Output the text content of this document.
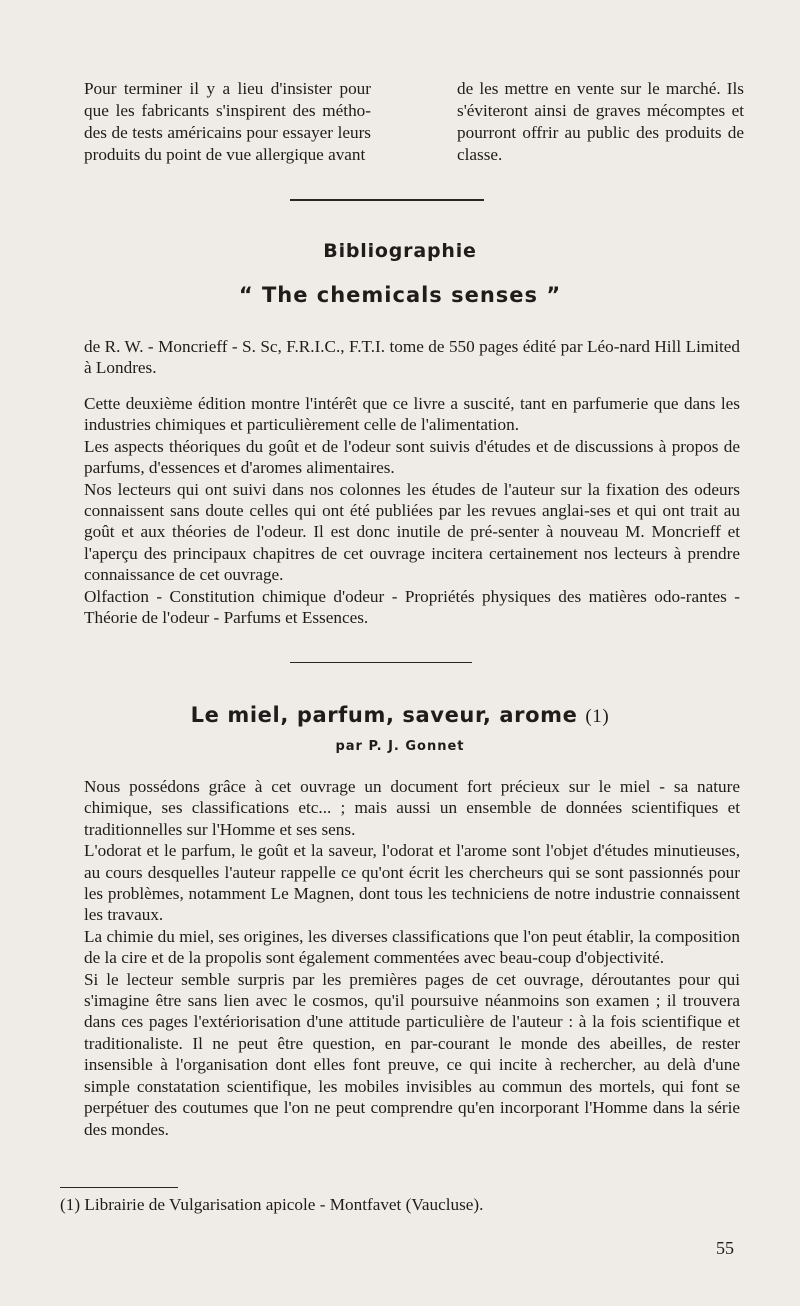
Pour terminer il y a lieu d'insister pour que les fabricants s'inspirent des métho-des de tests américains pour essayer leurs produits du point de vue allergique avant

de les mettre en vente sur le marché. Ils s'éviteront ainsi de graves mécomptes et pourront offrir au public des produits de classe.

Bibliographie
“ The chemicals senses ”

de R. W. - Moncrieff - S. Sc, F.R.I.C., F.T.I. tome de 550 pages édité par Léo-nard Hill Limited à Londres.

Cette deuxième édition montre l'intérêt que ce livre a suscité, tant en parfumerie que dans les industries chimiques et particulièrement celle de l'alimentation.

Les aspects théoriques du goût et de l'odeur sont suivis d'études et de discussions à propos de parfums, d'essences et d'aromes alimentaires.

Nos lecteurs qui ont suivi dans nos colonnes les études de l'auteur sur la fixation des odeurs connaissent sans doute celles qui ont été publiées par les revues anglai-ses et qui ont trait au goût et aux théories de l'odeur. Il est donc inutile de pré-senter à nouveau M. Moncrieff et l'aperçu des principaux chapitres de cet ouvrage incitera certainement nos lecteurs à prendre connaissance de cet ouvrage.

Olfaction - Constitution chimique d'odeur - Propriétés physiques des matières odo-rantes - Théorie de l'odeur - Parfums et Essences.

Le miel, parfum, saveur, arome (1)
par P. J. Gonnet

Nous possédons grâce à cet ouvrage un document fort précieux sur le miel - sa nature chimique, ses classifications etc... ; mais aussi un ensemble de données scientifiques et traditionnelles sur l'Homme et ses sens.

L'odorat et le parfum, le goût et la saveur, l'odorat et l'arome sont l'objet d'études minutieuses, au cours desquelles l'auteur rappelle ce qu'ont écrit les chercheurs qui se sont passionnés pour les problèmes, notamment Le Magnen, dont tous les techniciens de notre industrie connaissent les travaux.

La chimie du miel, ses origines, les diverses classifications que l'on peut établir, la composition de la cire et de la propolis sont également commentées avec beau-coup d'objectivité.

Si le lecteur semble surpris par les premières pages de cet ouvrage, déroutantes pour qui s'imagine être sans lien avec le cosmos, qu'il poursuive néanmoins son examen ; il trouvera dans ces pages l'extériorisation d'une attitude particulière de l'auteur : à la fois scientifique et traditionaliste. Il ne peut être question, en par-courant le monde des abeilles, de rester insensible à l'organisation dont elles font preuve, ce qui incite à rechercher, au delà d'une simple constatation scientifique, les mobiles invisibles au commun des mortels, qui font se perpétuer des coutumes que l'on ne peut comprendre qu'en incorporant l'Homme dans la série des mondes.

(1) Librairie de Vulgarisation apicole - Montfavet (Vaucluse).
55
